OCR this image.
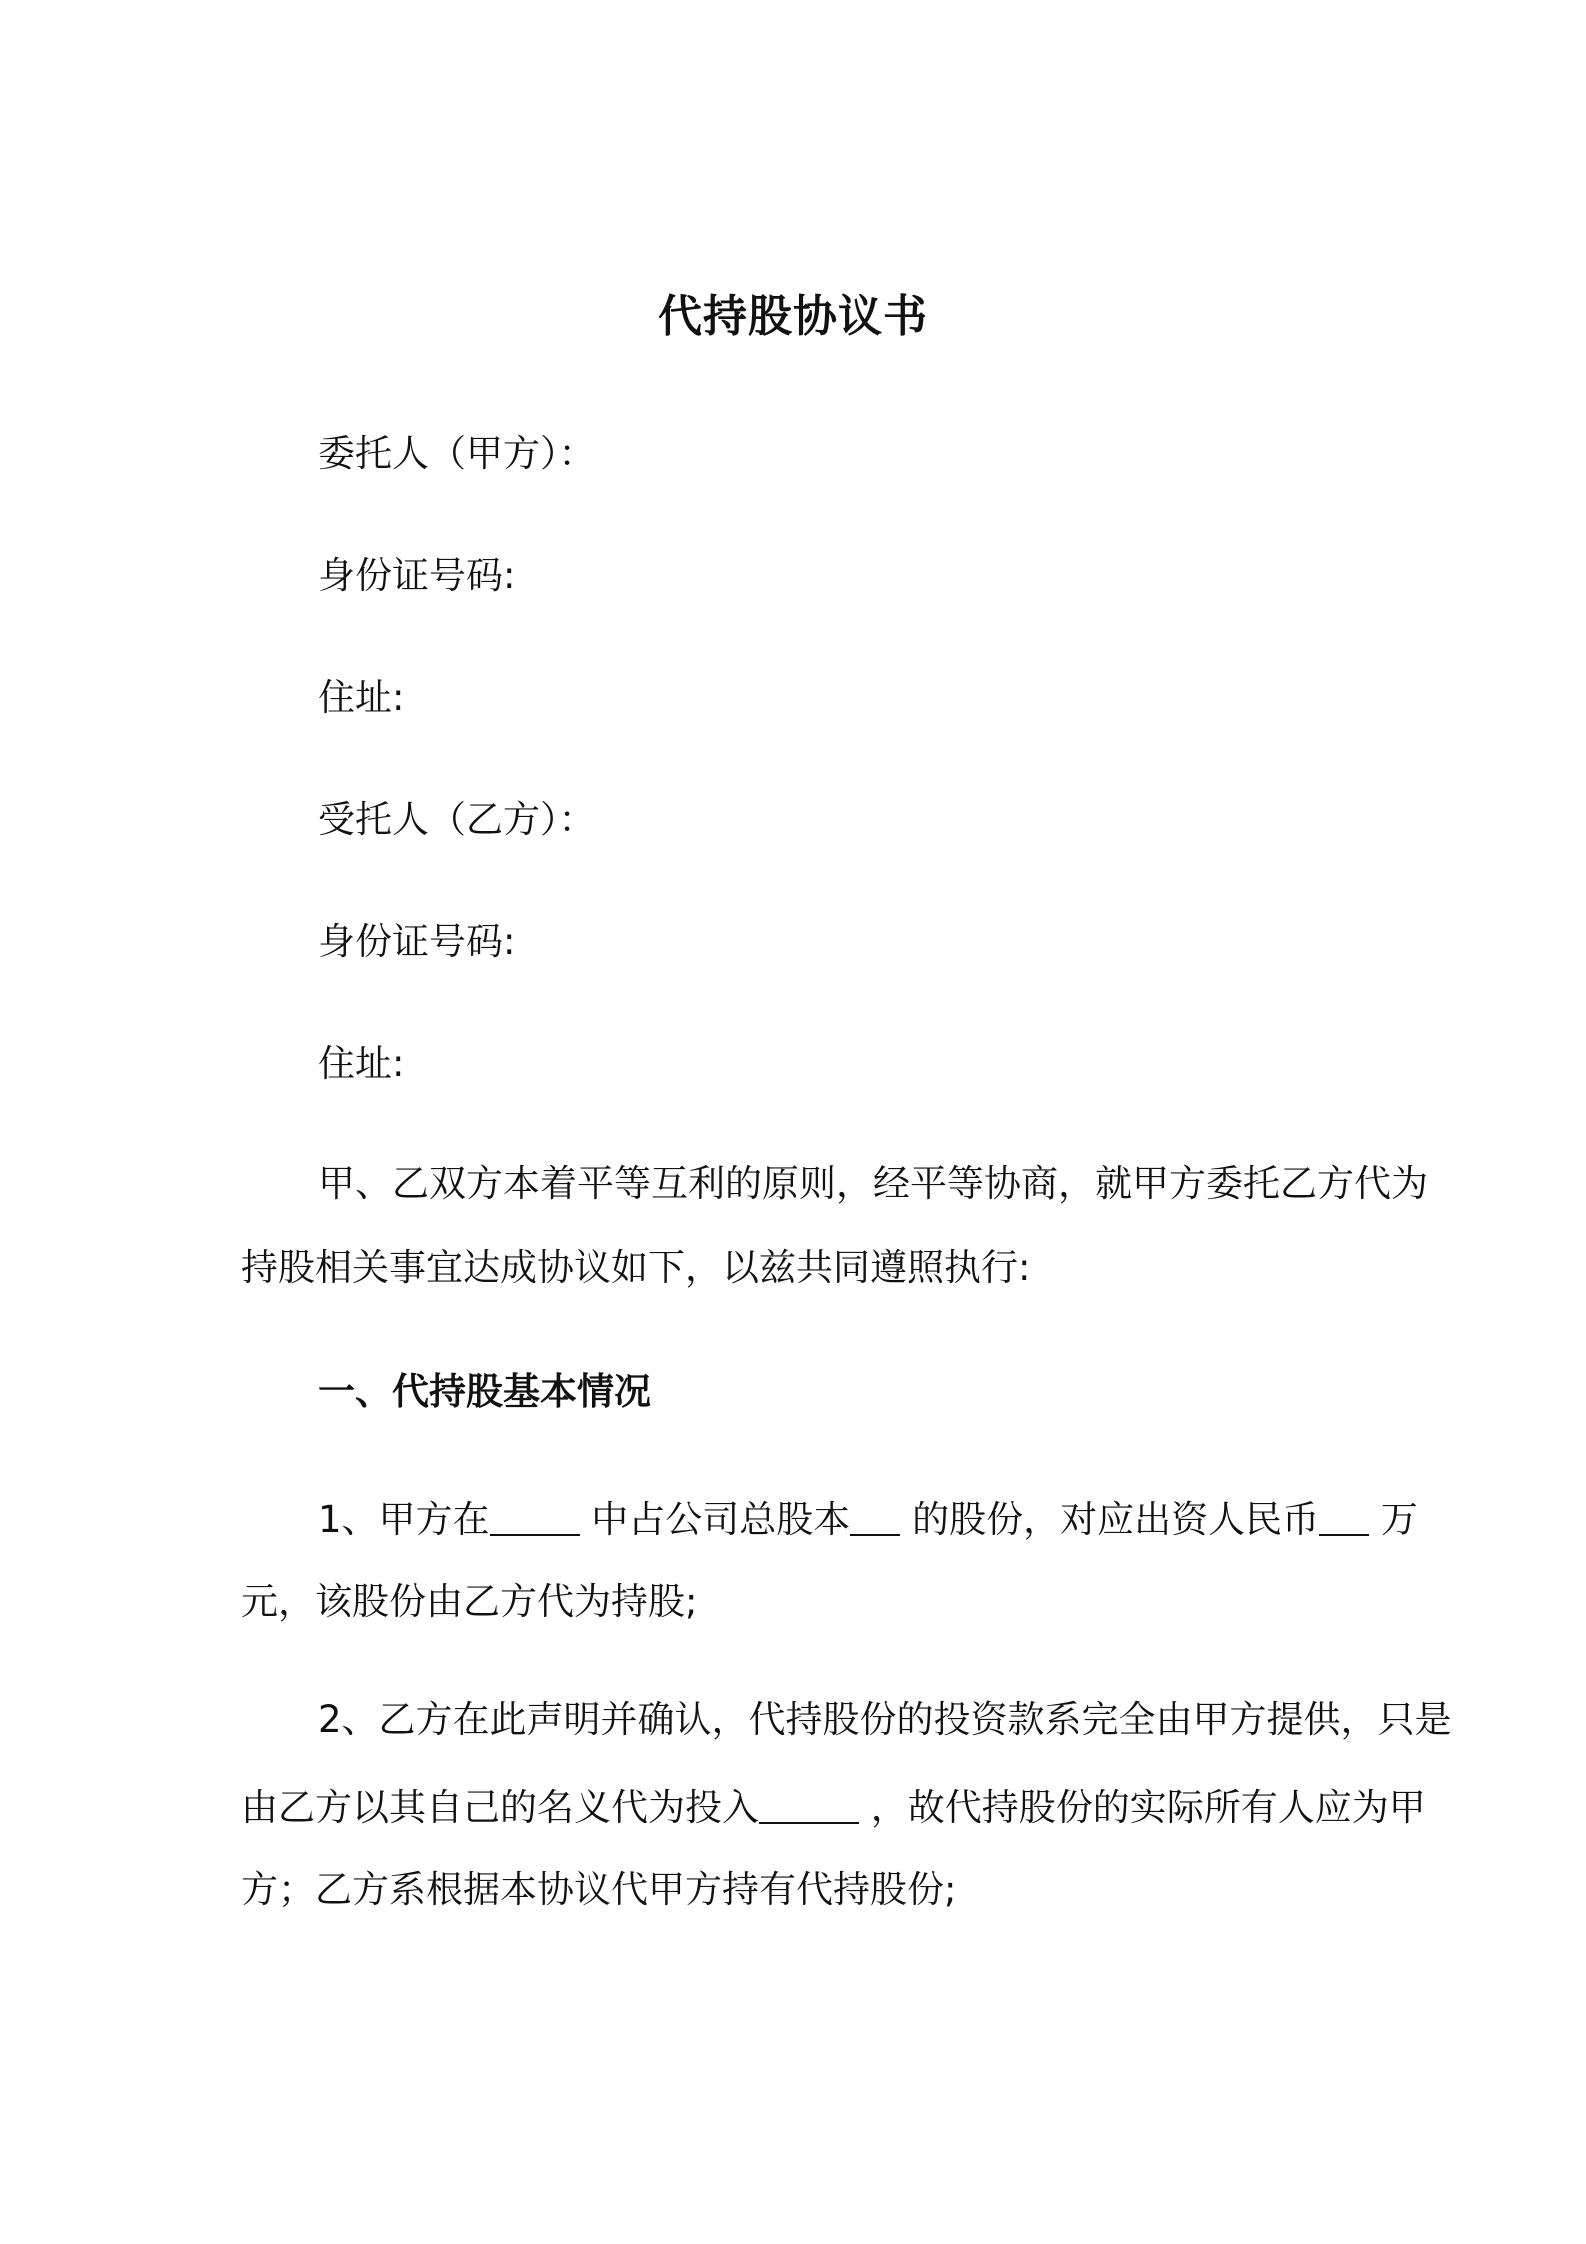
代持股协议书
委托人（甲方）：
身份证号码:
住址:
受托人（乙方）：
身份证号码:
住址:
甲、乙双方本着平等互利的原则，经平等协商，就甲方委托乙方代为
持股相关事宜达成协议如下，以兹共同遵照执行:
一、代持股基本情况
1、甲方在 中占公司总股本 的股份，对应出资人民币 万
元，该股份由乙方代为持股;
2、乙方在此声明并确认，代持股份的投资款系完全由甲方提供，只是
由乙方以其自己的名义代为投入	，故代持股份的实际所有人应为甲
方；乙方系根据本协议代甲方持有代持股份;
